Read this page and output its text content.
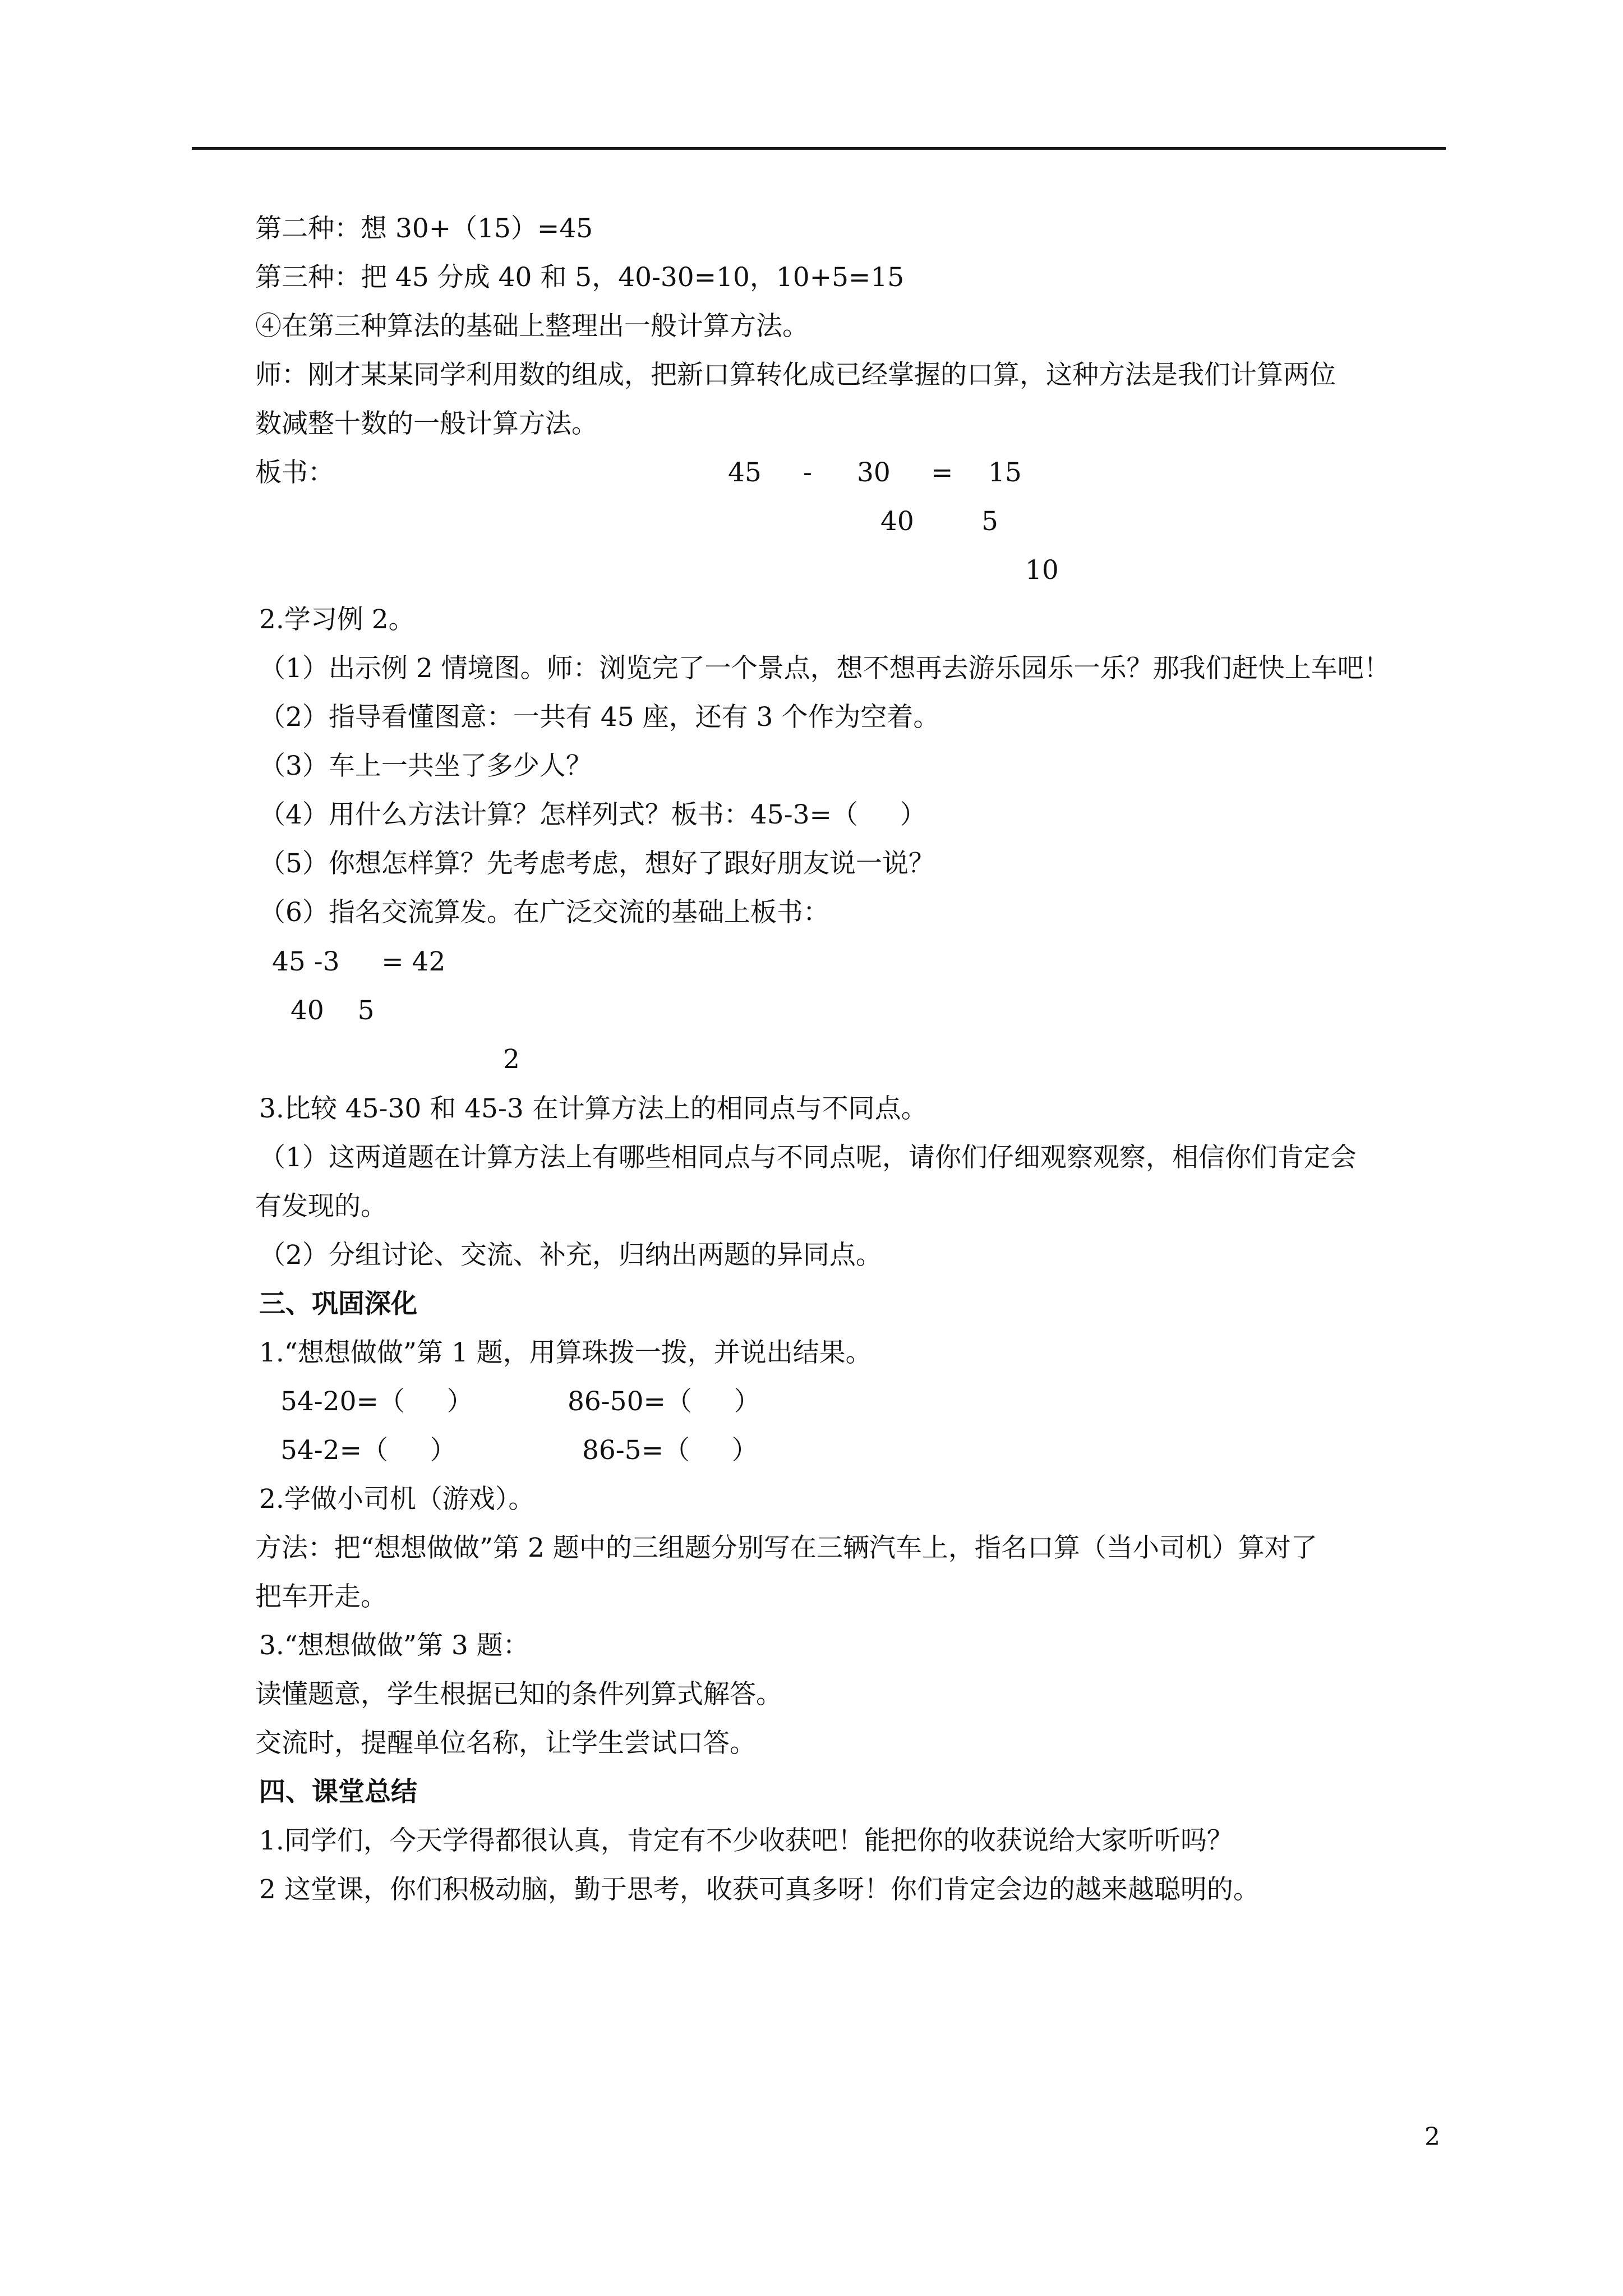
第二种：想 30+（15）=45
第三种：把 45 分成 40 和 5，40-30=10，10+5=15
④在第三种算法的基础上整理出一般计算方法。
师：刚才某某同学利用数的组成，把新口算转化成已经掌握的口算，这种方法是我们计算两位
数减整十数的一般计算方法。
板书：	45 - 30 = 15
40	5
10
2.学习例 2。
（1）出示例 2 情境图。师：浏览完了一个景点，想不想再去游乐园乐一乐？那我们赶快上车吧！
（2）指导看懂图意：一共有 45 座，还有 3 个作为空着。
（3）车上一共坐了多少人？
（4）用什么方法计算？怎样列式？板书：45-3=（     ）
（5）你想怎样算？先考虑考虑，想好了跟好朋友说一说？
（6）指名交流算发。在广泛交流的基础上板书：
45 -3     = 42
40    5
2
3.比较 45-30 和 45-3 在计算方法上的相同点与不同点。
（1）这两道题在计算方法上有哪些相同点与不同点呢，请你们仔细观察观察，相信你们肯定会
有发现的。
（2）分组讨论、交流、补充，归纳出两题的异同点。
三、巩固深化
1.“想想做做”第 1 题，用算珠拨一拨，并说出结果。
54-20=（     ）	86-50=（     ）
54-2=（     ）	86-5=（     ）
2.学做小司机（游戏）。
方法：把“想想做做”第 2 题中的三组题分别写在三辆汽车上，指名口算（当小司机）算对了
把车开走。
3.“想想做做”第 3 题：
读懂题意，学生根据已知的条件列算式解答。
交流时，提醒单位名称，让学生尝试口答。
四、课堂总结
1.同学们，今天学得都很认真，肯定有不少收获吧！能把你的收获说给大家听听吗？
2 这堂课，你们积极动脑，勤于思考，收获可真多呀！你们肯定会边的越来越聪明的。
2
